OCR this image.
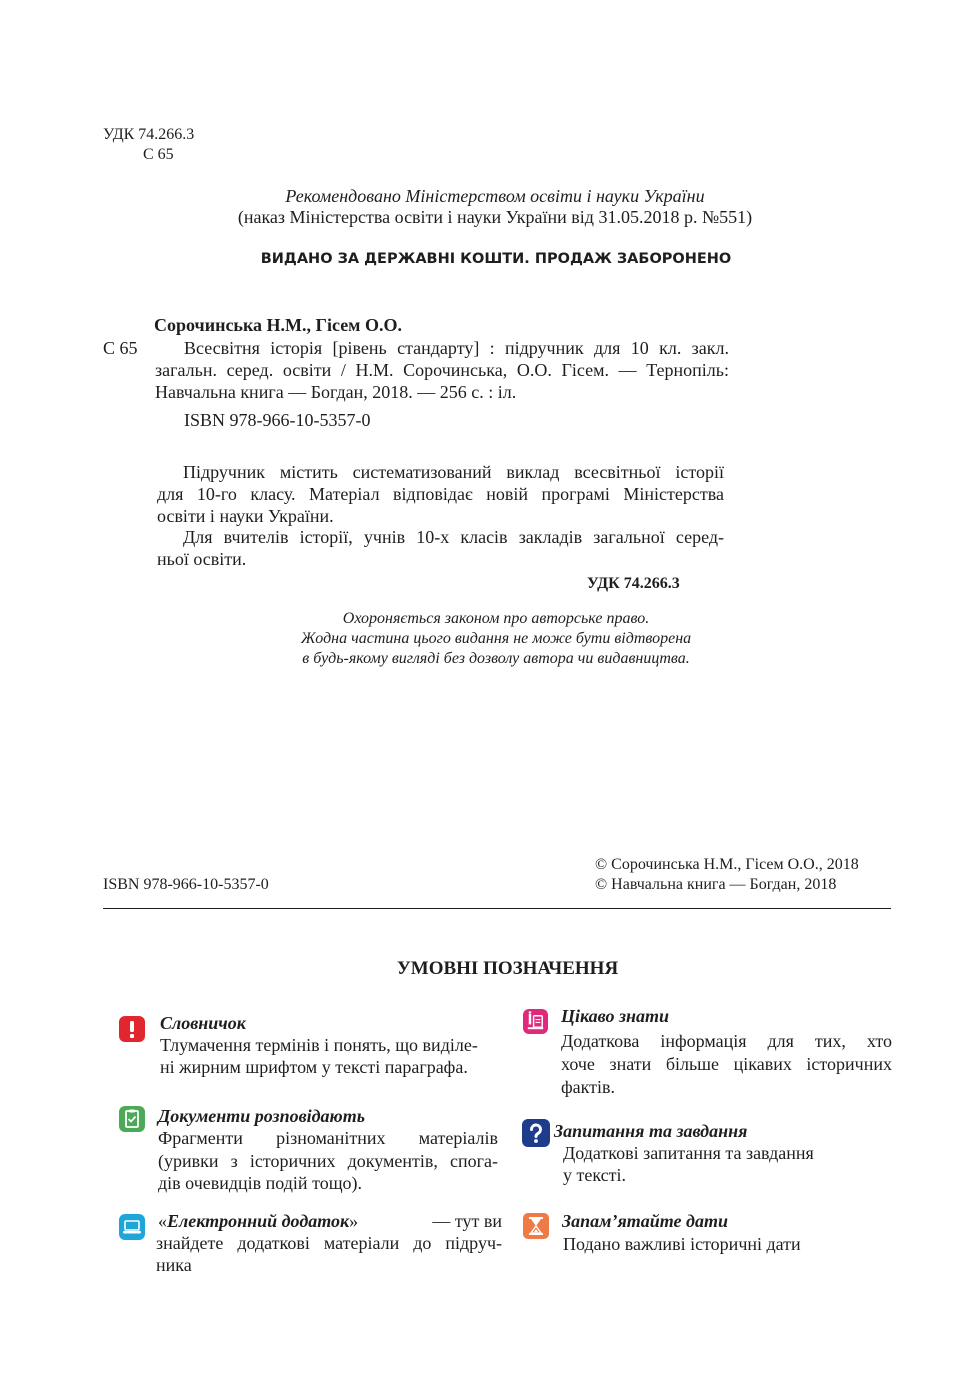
УДК 74.266.3
С 65
Рекомендовано Міністерством освіти і науки України
(наказ Міністерства освіти і науки України від 31.05.2018 р. №551)
ВИДАНО ЗА ДЕРЖАВНІ КОШТИ. ПРОДАЖ ЗАБОРОНЕНО
Сорочинська Н.М., Гісем О.О.
С 65	Всесвітня історія [рівень стандарту] : підручник для 10 кл. закл.
загальн. серед. освіти / Н.М. Сорочинська, О.О. Гісем. — Тернопіль:
Навчальна книга — Богдан, 2018. — 256 с. : іл.
ISBN 978-966-10-5357-0
Підручник містить систематизований виклад всесвітньої історії
для 10-го класу. Матеріал відповідає новій програмі Міністерства
освіти і науки України.
Для вчителів історії, учнів 10-х класів закладів загальної серед-
ньої освіти.
УДК 74.266.3
Охороняється законом про авторське право.
Жодна частина цього видання не може бути відтворена
в будь-якому вигляді без дозволу автора чи видавництва.
ISBN 978-966-10-5357-0
© Сорочинська Н.М., Гісем О.О., 2018
© Навчальна книга — Богдан, 2018
УМОВНІ ПОЗНАЧЕННЯ
Словничок
Тлумачення термінів і понять, що виділе-
ні жирним шрифтом у тексті параграфа.
Документи розповідають
Фрагменти різноманітних матеріалів
(уривки з історичних документів, спога-
дів очевидців подій тощо).
«Електронний додаток»	— тут ви
знайдете додаткові матеріали до підруч-
ника
Цікаво знати
Додаткова інформація для тих, хто
хоче знати більше цікавих історичних
фактів.
Запитання та завдання
Додаткові запитання та завдання
у тексті.
Запам’ятайте дати
Подано важливі історичні дати
